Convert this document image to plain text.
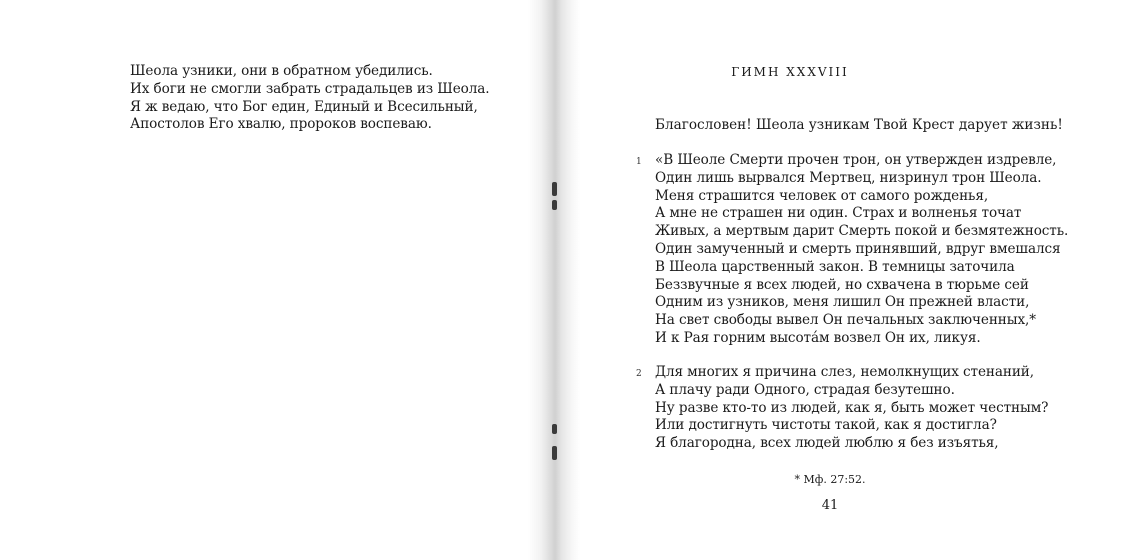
Шеола узники, они в обратном убедились.
Их боги не смогли забрать страдальцев из Шеола.
Я ж ведаю, что Бог един, Единый и Всесильный,
Апостолов Его хвалю, пророков воспеваю.
ГИМН XXXVIII
Благословен! Шеола узникам Твой Крест дарует жизнь!
1 «В Шеоле Смерти прочен трон, он утвержден издревле,
Один лишь вырвался Мертвец, низринул трон Шеола.
Меня страшится человек от самого рожденья,
А мне не страшен ни один. Страх и волненья точат
Живых, а мертвым дарит Смерть покой и безмятежность.
Один замученный и смерть принявший, вдруг вмешался
В Шеола царственный закон. В темницы заточила
Беззвучные я всех людей, но схвачена в тюрьме сей
Одним из узников, меня лишил Он прежней власти,
На свет свободы вывел Он печальных заключенных,*
И к Рая горним высотáм возвел Он их, ликуя.
2 Для многих я причина слез, немолкнущих стенаний,
А плачу ради Одного, страдая безутешно.
Ну разве кто-то из людей, как я, быть может честным?
Или достигнуть чистоты такой, как я достигла?
Я благородна, всех людей люблю я без изъятья,
* Мф. 27:52.
41
